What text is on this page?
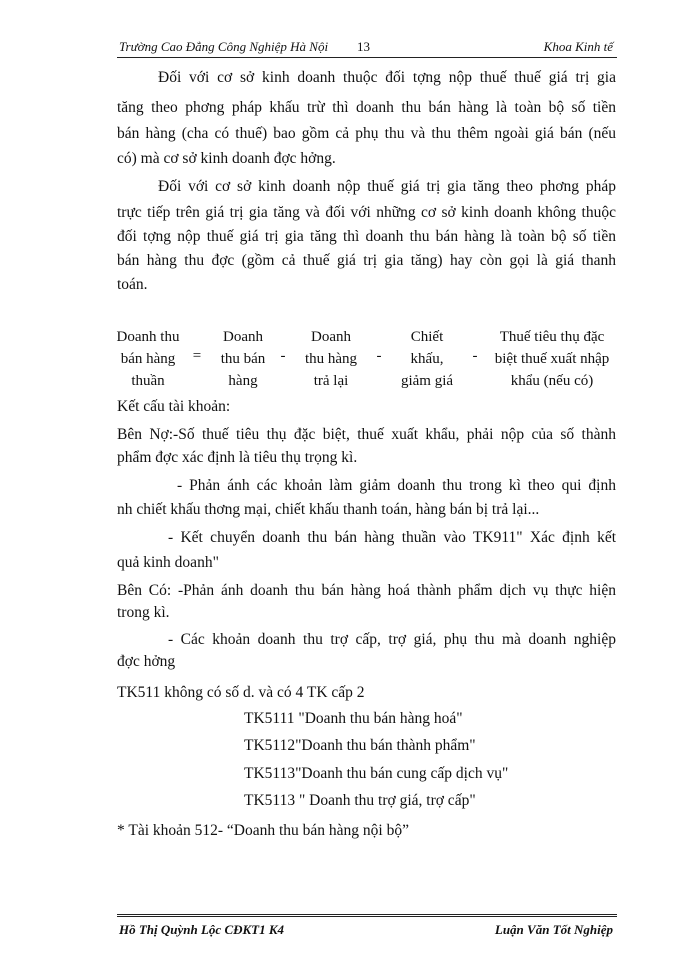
Trường Cao Đẳng Công Nghiệp Hà Nội 13	Khoa Kinh tế
Đối với cơ sở kinh doanh thuộc đối tợng nộp thuế thuế giá trị gia
tăng theo phơng pháp khấu trừ thì doanh thu bán hàng là toàn bộ số tiền
bán hàng (cha có thuế) bao gồm cả phụ thu và thu thêm ngoài giá bán (nếu
có) mà cơ sở kinh doanh đợc hởng.
Đối với cơ sở kinh doanh nộp thuế giá trị gia tăng theo phơng pháp
trực tiếp trên giá trị gia tăng và đối với những cơ sở kinh doanh không thuộc
đối tợng nộp thuế giá trị gia tăng thì doanh thu bán hàng là toàn bộ số tiền
bán hàng thu đợc (gồm cả thuế giá trị gia tăng) hay còn gọi là giá thanh
toán.
Doanh thu
bán hàng
thuần
=
Doanh
thu bán
hàng
-
Doanh
thu hàng
trả lại
-
Chiết
khấu,
giảm giá
-
Thuế tiêu thụ đặc
biệt thuế xuất nhập
khẩu (nếu có)
Kết cấu tài khoản:
Bên Nợ:-Số thuế tiêu thụ đặc biệt, thuế xuất khẩu, phải nộp của số thành
phẩm đợc xác định là tiêu thụ trọng kì.
- Phản ánh các khoản làm giảm doanh thu trong kì theo qui định
nh chiết khấu thơng mại, chiết khấu thanh toán, hàng bán bị trả lại...
- Kết chuyển doanh thu bán hàng thuần vào TK911" Xác định kết
quả kinh doanh"
Bên Có: -Phản ánh doanh thu bán hàng hoá thành phẩm dịch vụ thực hiện
trong kì.
- Các khoản doanh thu trợ cấp, trợ giá, phụ thu mà doanh nghiệp
đợc hởng
TK511 không có số d. và có 4 TK cấp 2
TK5111 "Doanh thu bán hàng hoá"
TK5112"Doanh thu bán thành phẩm"
TK5113"Doanh thu bán cung cấp dịch vụ"
TK5113 " Doanh thu trợ giá, trợ cấp"
* Tài khoản 512- “Doanh thu bán hàng nội bộ”
Hồ Thị Quỳnh Lộc CĐKT1 K4	Luận Văn Tốt Nghiệp
